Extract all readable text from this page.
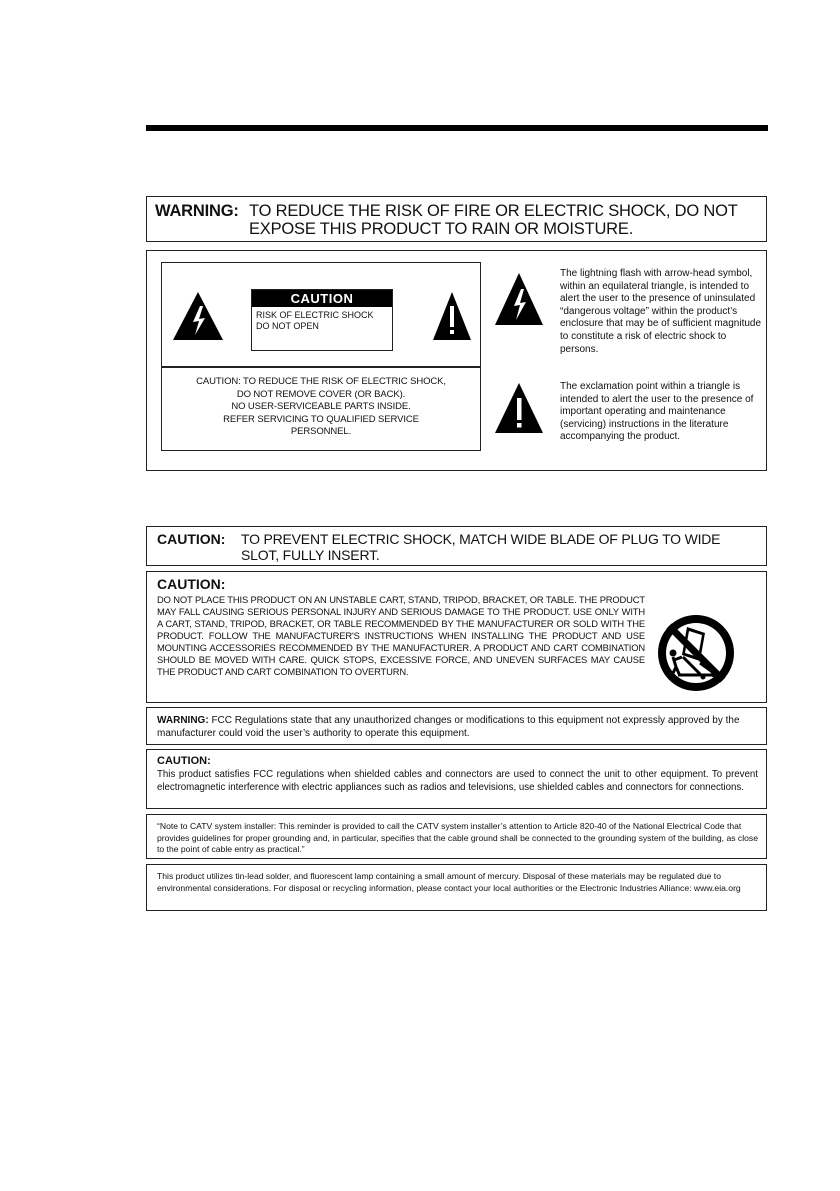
WARNING: TO REDUCE THE RISK OF FIRE OR ELECTRIC SHOCK, DO NOT EXPOSE THIS PRODUCT TO RAIN OR MOISTURE.
CAUTION
RISK OF ELECTRIC SHOCK
DO NOT OPEN
CAUTION: TO REDUCE THE RISK OF ELECTRIC SHOCK,
DO NOT REMOVE COVER (OR BACK).
NO USER-SERVICEABLE PARTS INSIDE.
REFER SERVICING TO QUALIFIED SERVICE
PERSONNEL.
The lightning flash with arrow-head symbol, within an equilateral triangle, is intended to alert the user to the presence of uninsulated “dangerous voltage” within the product’s enclosure that may be of sufficient magnitude to constitute a risk of electric shock to persons.
The exclamation point within a triangle is intended to alert the user to the presence of important operating and maintenance (servicing) instructions in the literature accompanying the product.
CAUTION: TO PREVENT ELECTRIC SHOCK, MATCH WIDE BLADE OF PLUG TO WIDE SLOT, FULLY INSERT.
CAUTION:
DO NOT PLACE THIS PRODUCT ON AN UNSTABLE CART, STAND, TRIPOD, BRACKET, OR TABLE. THE PRODUCT MAY FALL CAUSING SERIOUS PERSONAL INJURY AND SERIOUS DAMAGE TO THE PRODUCT. USE ONLY WITH A CART, STAND, TRIPOD, BRACKET, OR TABLE RECOMMENDED BY THE MANUFACTURER OR SOLD WITH THE PRODUCT. FOLLOW THE MANUFACTURER'S INSTRUCTIONS WHEN INSTALLING THE PRODUCT AND USE MOUNTING ACCESSORIES RECOMMENDED BY THE MANUFACTURER. A PRODUCT AND CART COMBINATION SHOULD BE MOVED WITH CARE. QUICK STOPS, EXCESSIVE FORCE, AND UNEVEN SURFACES MAY CAUSE THE PRODUCT AND CART COMBINATION TO OVERTURN.
WARNING: FCC Regulations state that any unauthorized changes or modifications to this equipment not expressly approved by the manufacturer could void the user’s authority to operate this equipment.
CAUTION:
This product satisfies FCC regulations when shielded cables and connectors are used to connect the unit to other equipment. To prevent electromagnetic interference with electric appliances such as radios and televisions, use shielded cables and connectors for connections.
“Note to CATV system installer: This reminder is provided to call the CATV system installer’s attention to Article 820-40 of the National Electrical Code that provides guidelines for proper grounding and, in particular, specifies that the cable ground shall be connected to the grounding system of the building, as close to the point of cable entry as practical.”
This product utilizes tin-lead solder, and fluorescent lamp containing a small amount of mercury. Disposal of these materials may be regulated due to environmental considerations. For disposal or recycling information, please contact your local authorities or the Electronic Industries Alliance: www.eia.org
